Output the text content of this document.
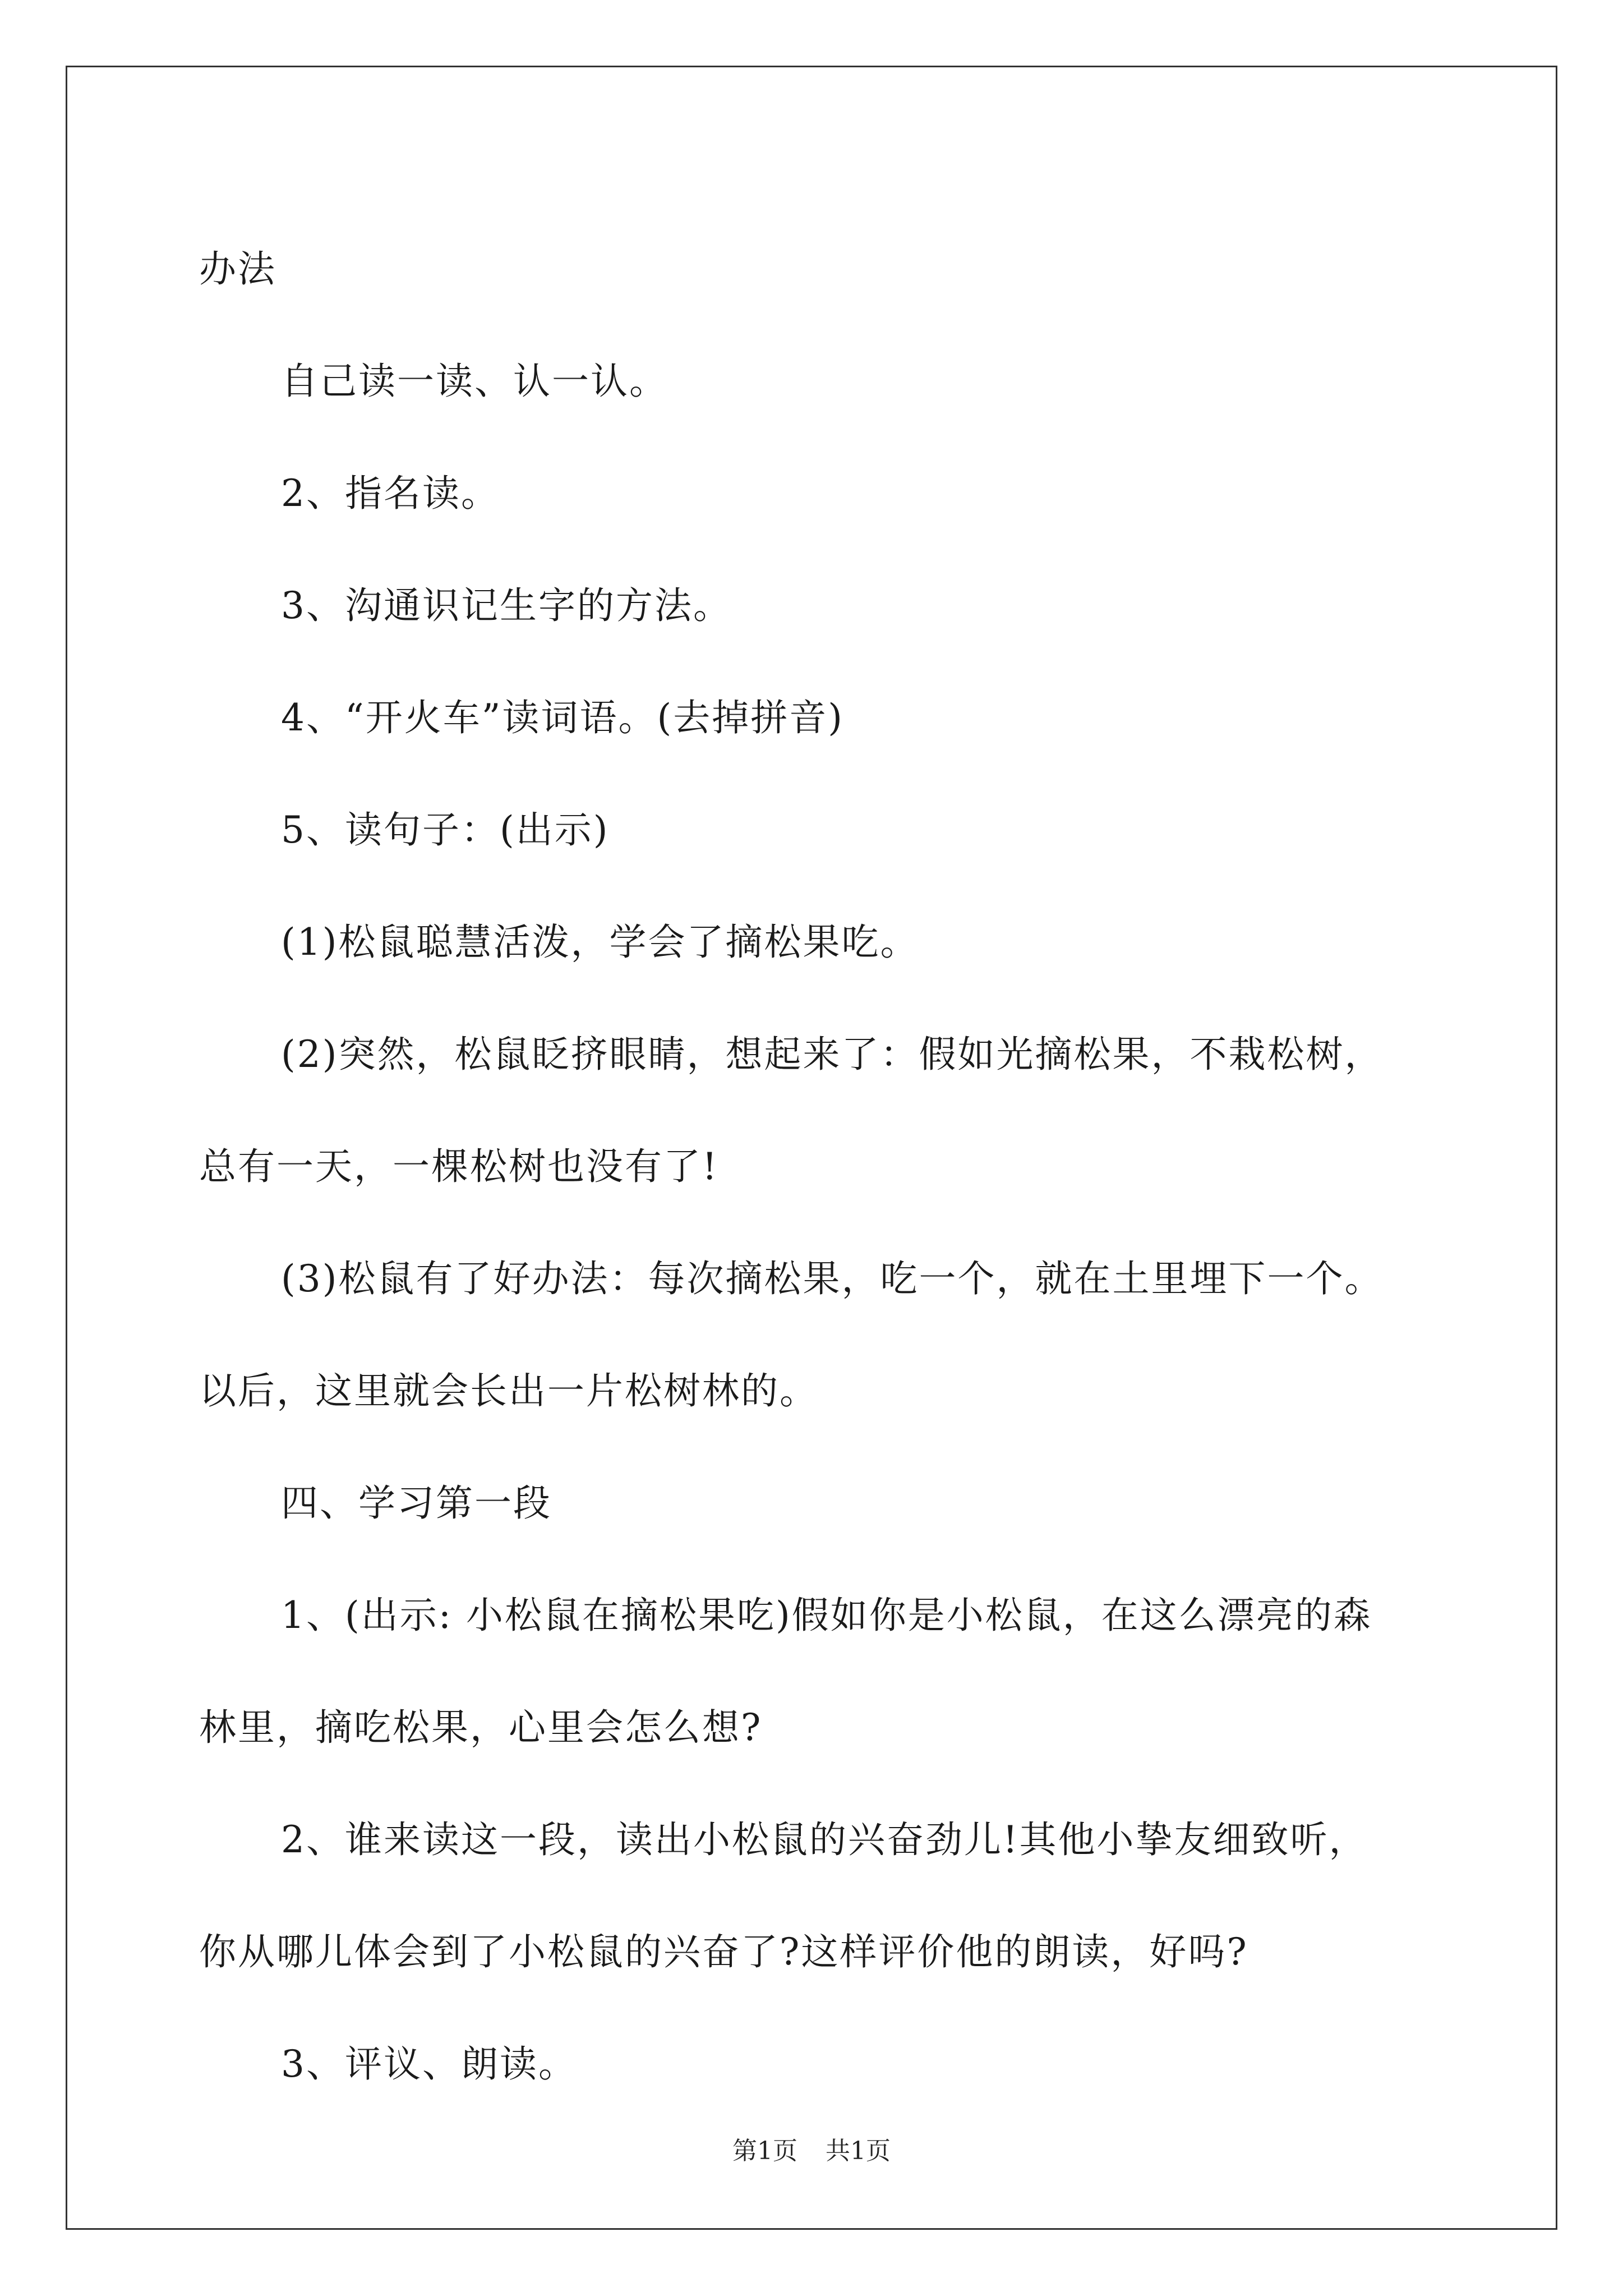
办法

自己读一读、认一认。

2、指名读。

3、沟通识记生字的方法。

4、“开火车”读词语。(去掉拼音)

5、读句子：(出示)

(1)松鼠聪慧活泼，学会了摘松果吃。

(2)突然，松鼠眨挤眼睛，想起来了：假如光摘松果，不栽松树，

总有一天，一棵松树也没有了!

(3)松鼠有了好办法：每次摘松果，吃一个，就在土里埋下一个。

以后，这里就会长出一片松树林的。

四、学习第一段

1、(出示: 小松鼠在摘松果吃)假如你是小松鼠，在这么漂亮的森

林里，摘吃松果，心里会怎么想?

2、谁来读这一段，读出小松鼠的兴奋劲儿!其他小挚友细致听，

你从哪儿体会到了小松鼠的兴奋了?这样评价他的朗读，好吗?

3、评议、朗读。

第1页 共1页
